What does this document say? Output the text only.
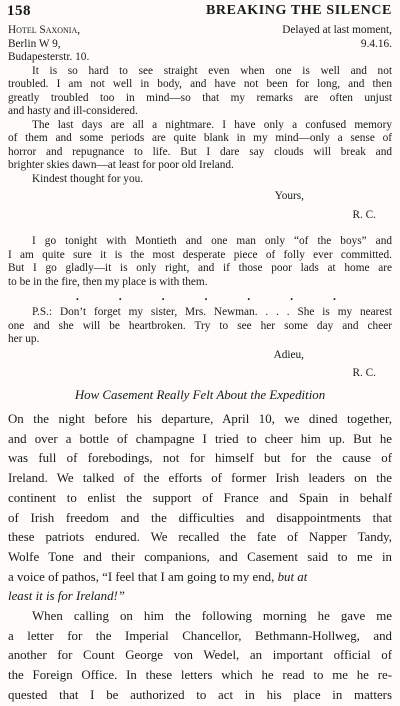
158	BREAKING THE SILENCE
Hotel Saxonia,
Berlin W 9,
Budapesterstr. 10.
Delayed at last moment,
9.4.16.
It is so hard to see straight even when one is well and not
troubled. I am not well in body, and have not been for long, and then
greatly troubled too in mind—so that my remarks are often unjust
and hasty and ill-considered.
The last days are all a nightmare. I have only a confused memory
of them and some periods are quite blank in my mind—only a sense of
horror and repugnance to life. But I dare say clouds will break and
brighter skies dawn—at least for poor old Ireland.
Kindest thought for you.
Yours,
R. C.
I go tonight with Montieth and one man only “of the boys” and
I am quite sure it is the most desperate piece of folly ever committed.
But I go gladly—it is only right, and if those poor lads at home are
to be in the fire, then my place is with them.
.	.	.	.	.	.	.
P.S.: Don’t forget my sister, Mrs. Newman. . . . She is my nearest
one and she will be heartbroken. Try to see her some day and cheer
her up.
Adieu,
R. C.
How Casement Really Felt About the Expedition
On the night before his departure, April 10, we dined together,
and over a bottle of champagne I tried to cheer him up. But he
was full of forebodings, not for himself but for the cause of
Ireland. We talked of the efforts of former Irish leaders on the
continent to enlist the support of France and Spain in behalf
of Irish freedom and the difficulties and disappointments that
these patriots endured. We recalled the fate of Napper Tandy,
Wolfe Tone and their companions, and Casement said to me in
a voice of pathos, “I feel that I am going to my end, but at
least it is for Ireland!”
When calling on him the following morning he gave me
a letter for the Imperial Chancellor, Bethmann-Hollweg, and
another for Count George von Wedel, an important official of
the Foreign Office. In these letters which he read to me he re-
quested that I be authorized to act in his place in matters
